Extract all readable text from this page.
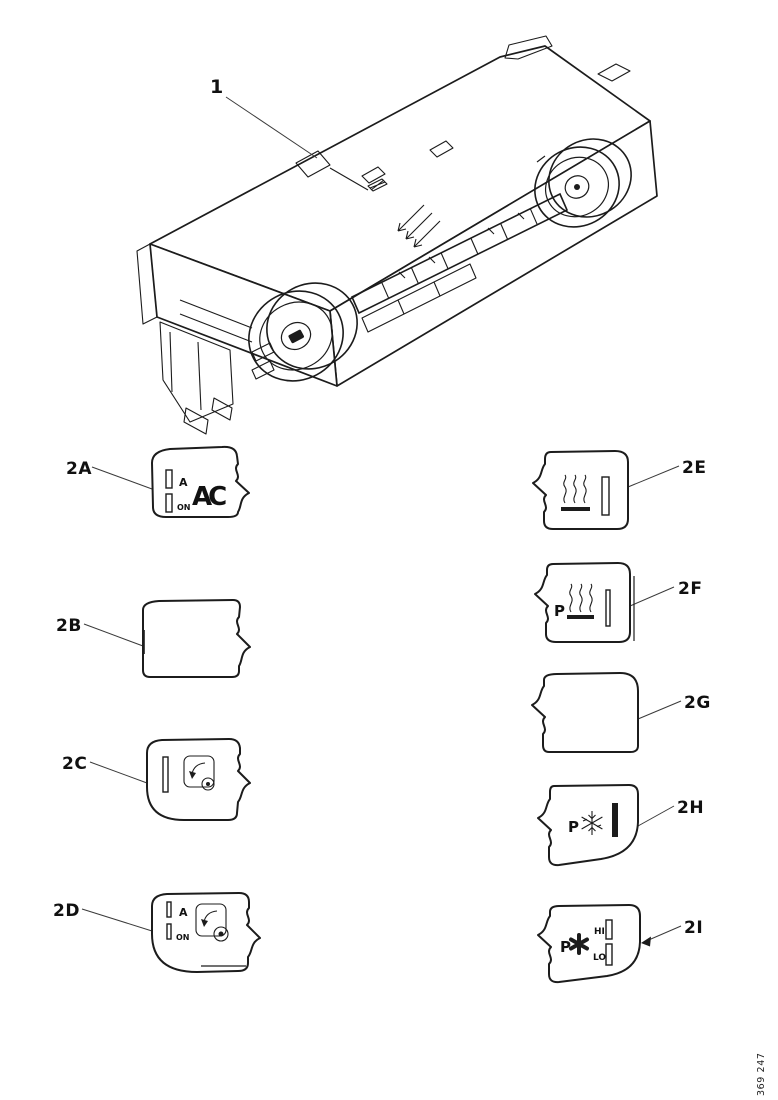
1
2A
A
ON AC
2B
2C
2D	A
ON
2E
2F
P
2G
2H
P
2I
P
HI
LO
369 247
